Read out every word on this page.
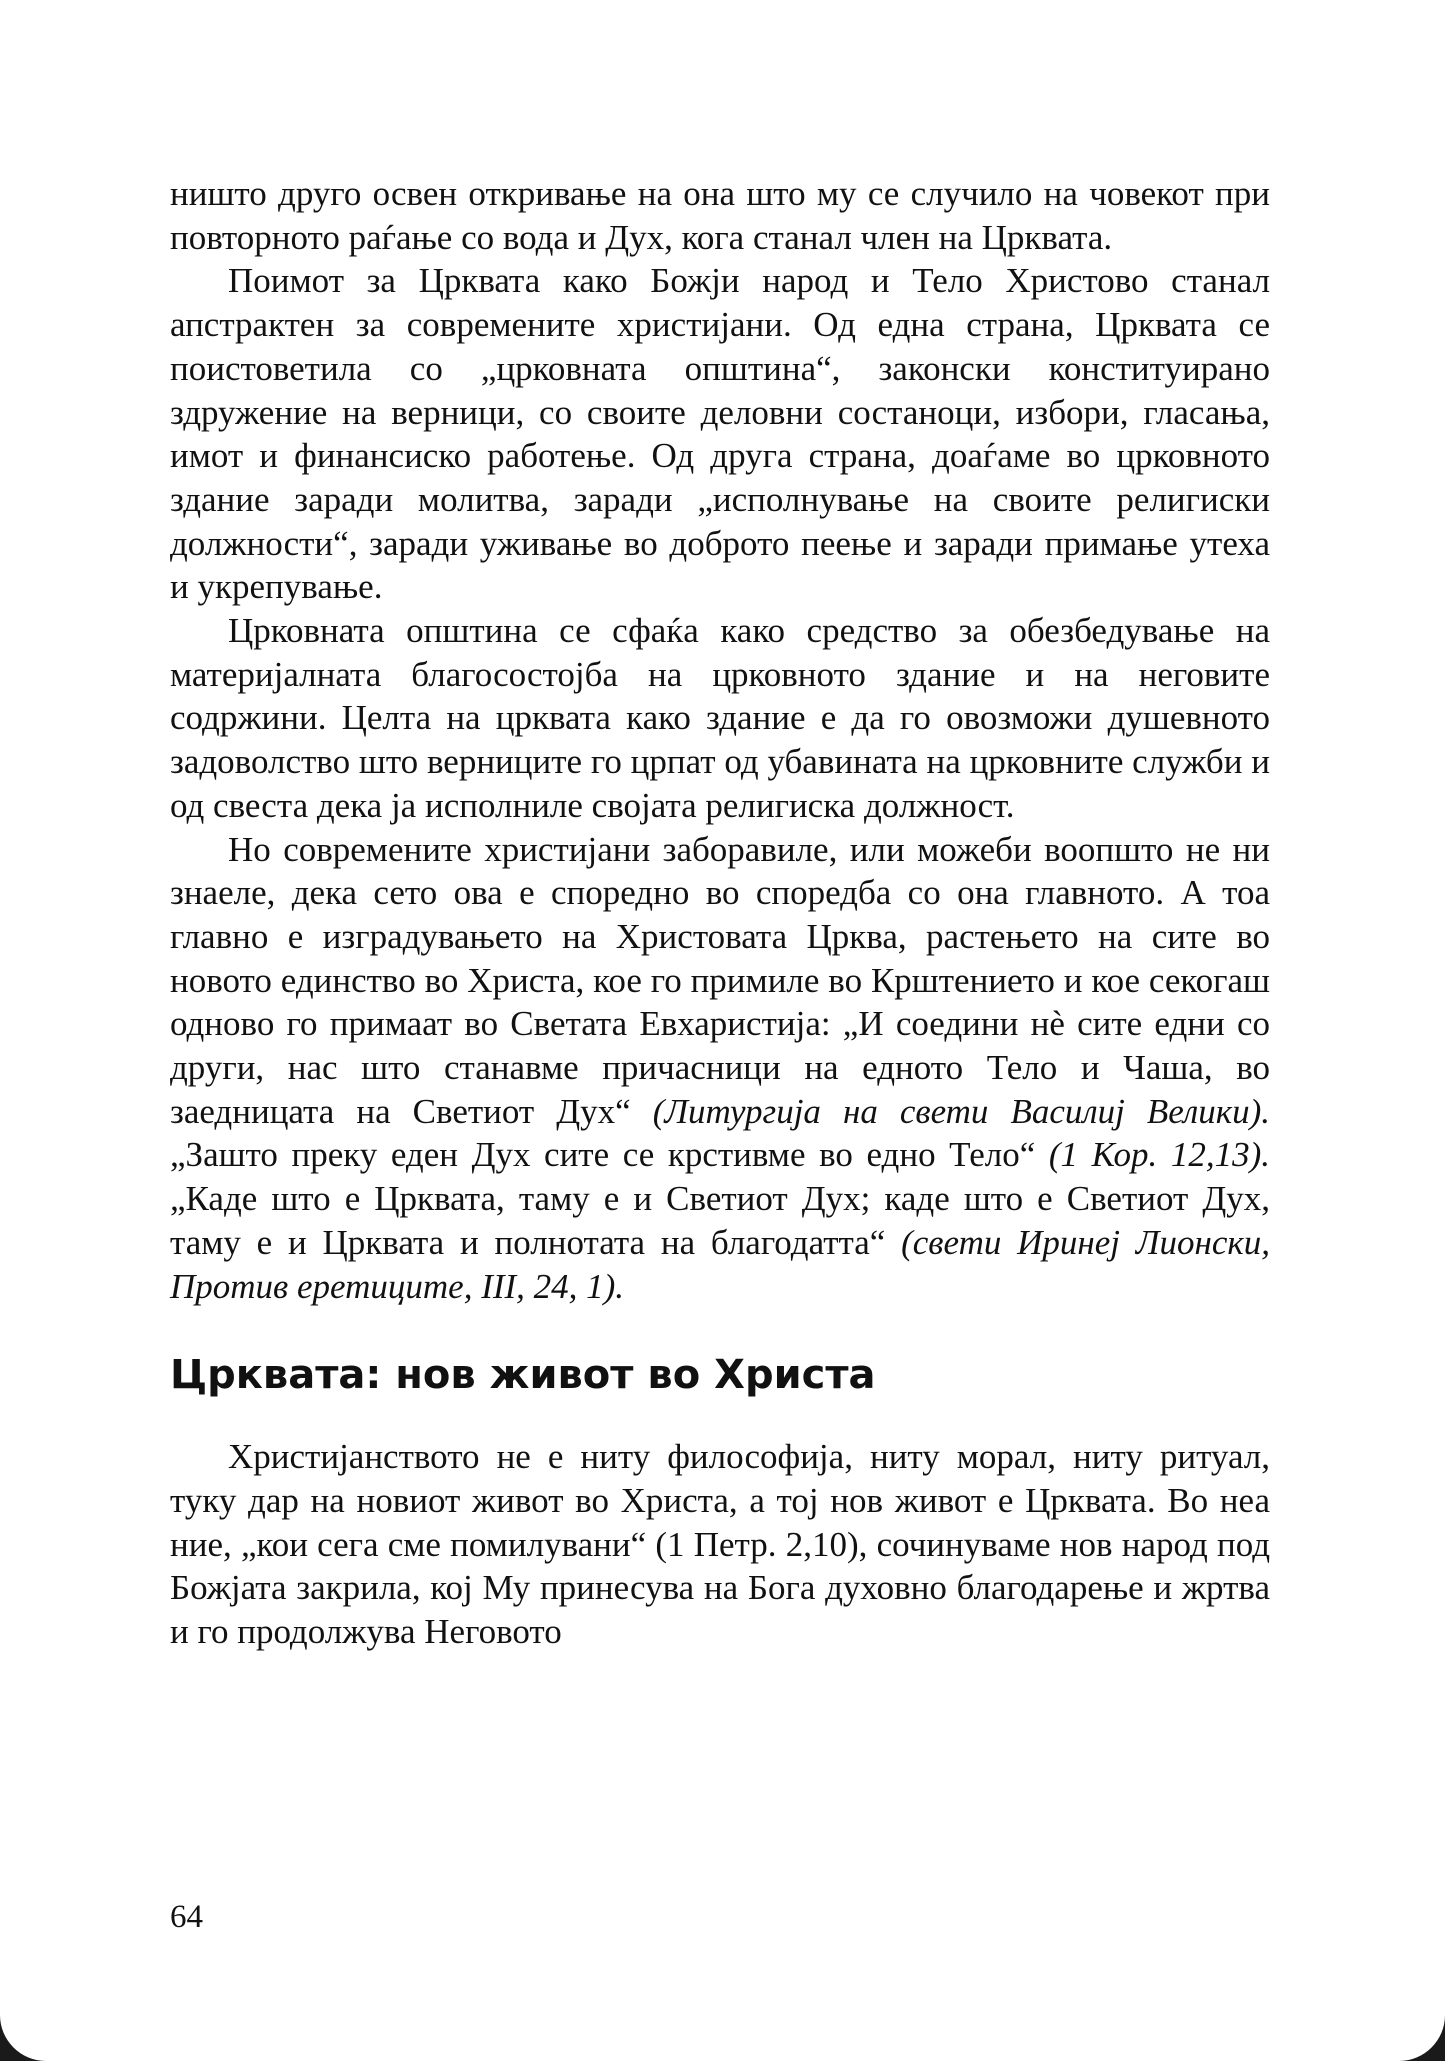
ништо друго освен откривање на она што му се случило на човекот при повторното раѓање со вода и Дух, кога станал член на Црквата.

Поимот за Црквата како Божји народ и Тело Христово станал апстрактен за современите христијани. Од една страна, Црквата се поистоветила со „црковната општина“, законски конституирано здружение на верници, со своите деловни состаноци, избори, гласања, имот и финансиско работење. Од друга страна, доаѓаме во црковното здание заради молитва, заради „исполнување на своите религиски должности“, заради уживање во доброто пеење и заради примање утеха и укрепување.

Црковната општина се сфаќа како средство за обезбедување на материјалната благосостојба на црковното здание и на неговите содржини. Целта на црквата како здание е да го овозможи душевното задоволство што верниците го црпат од убавината на црковните служби и од свеста дека ја исполниле својата религиска должност.

Но современите христијани заборавиле, или можеби воопшто не ни знаеле, дека сето ова е споредно во споредба со она главното. А тоа главно е изградувањето на Христовата Црква, растењето на сите во новото единство во Христа, кое го примиле во Крштението и кое секогаш одново го примаат во Светата Евхаристија: „И соедини нѐ сите едни со други, нас што станавме причасници на едното Тело и Чаша, во заедницата на Светиот Дух“ (Литургија на свети Василиј Велики). „Зашто преку еден Дух сите се крстивме во едно Тело“ (1 Кор. 12,13). „Каде што е Црквата, таму е и Светиот Дух; каде што е Светиот Дух, таму е и Црквата и полнотата на благодатта“ (свети Иринеј Лионски, Против еретиците, III, 24, 1).

Црквата: нов живот во Христа

Христијанството не е ниту философија, ниту морал, ниту ритуал, туку дар на новиот живот во Христа, а тој нов живот е Црквата. Во неа ние, „кои сега сме помилувани“ (1 Петр. 2,10), сочинуваме нов народ под Божјата закрила, кој Му принесува на Бога духовно благодарење и жртва и го продолжува Неговото

64
